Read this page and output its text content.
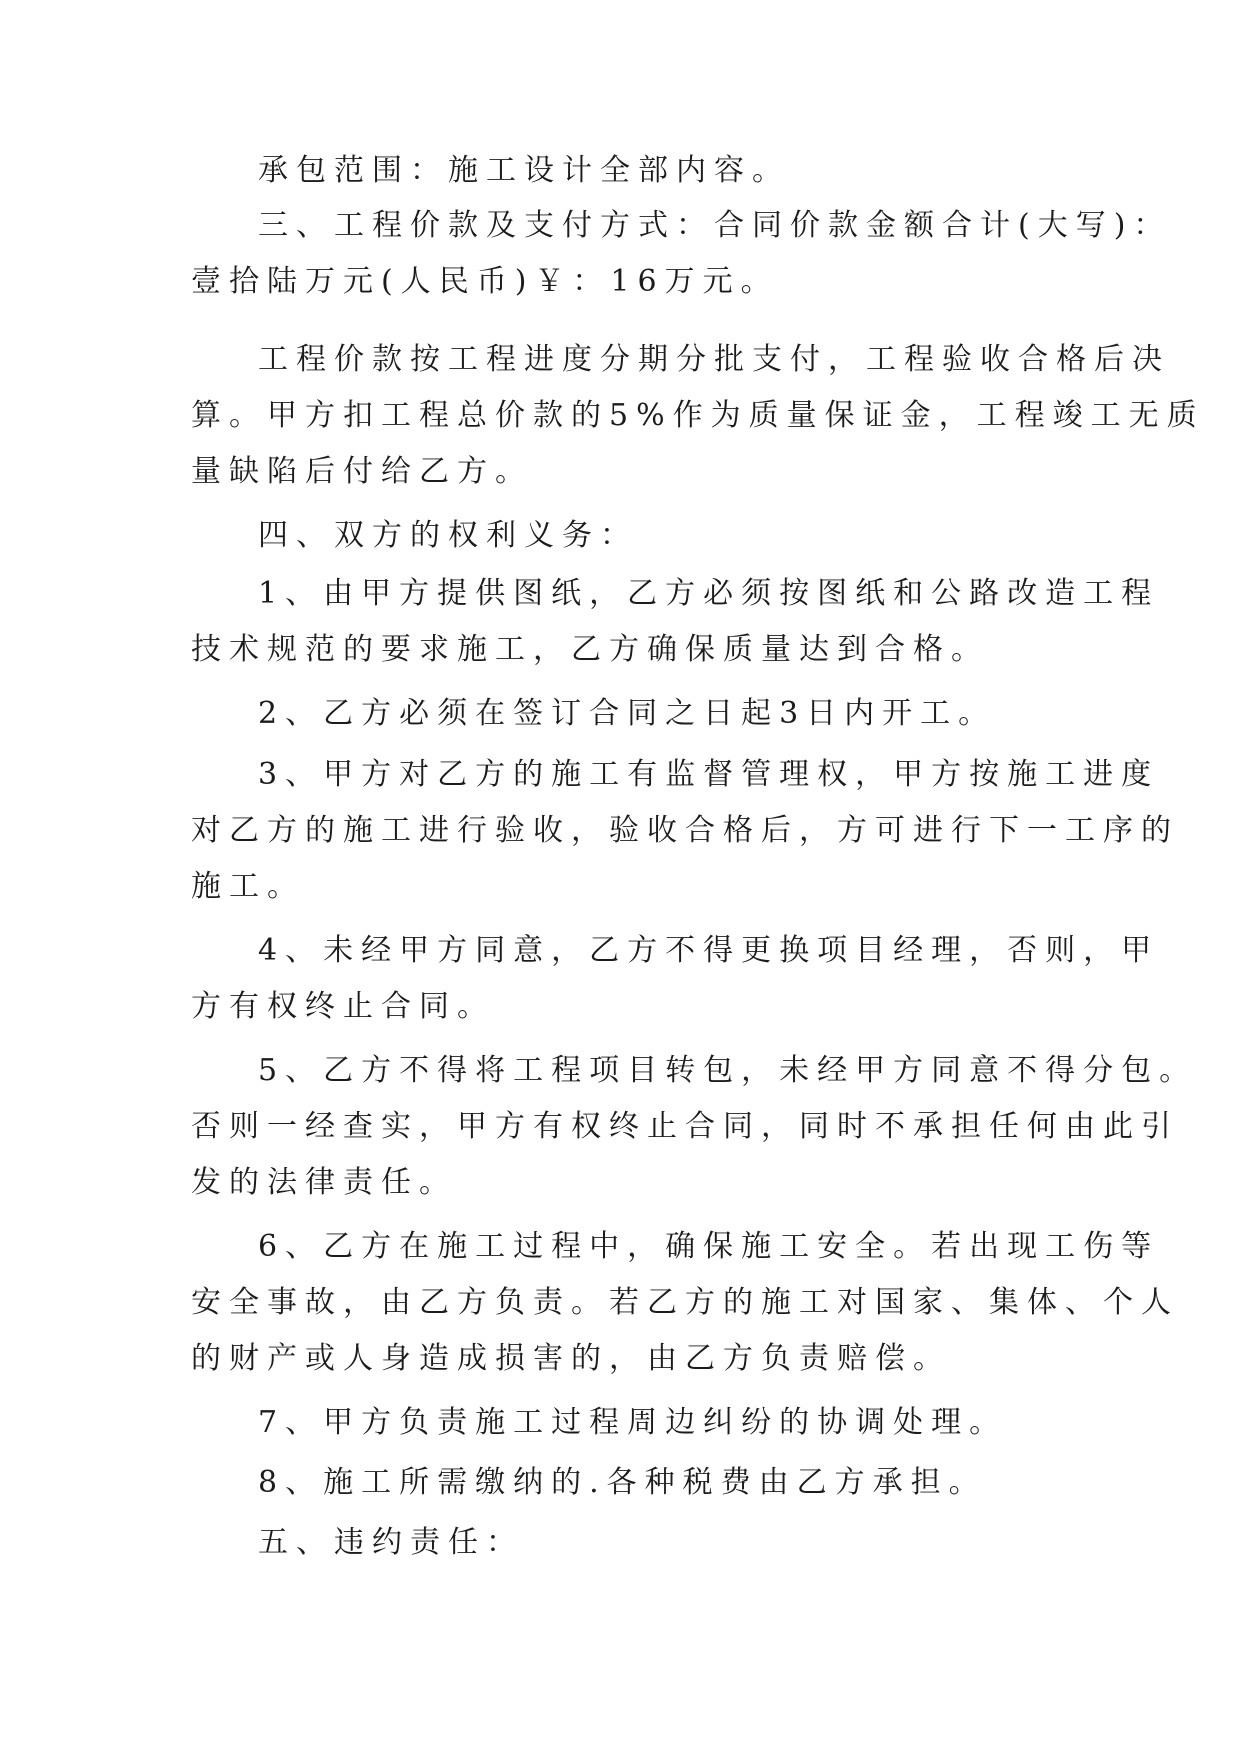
承包范围：施工设计全部内容。
三、工程价款及支付方式：合同价款金额合计(大写)：
壹拾陆万元(人民币)￥：16万元。
工程价款按工程进度分期分批支付，工程验收合格后决
算。甲方扣工程总价款的5%作为质量保证金，工程竣工无质
量缺陷后付给乙方。
四、双方的权利义务：
1、由甲方提供图纸，乙方必须按图纸和公路改造工程
技术规范的要求施工，乙方确保质量达到合格。
2、乙方必须在签订合同之日起3日内开工。
3、甲方对乙方的施工有监督管理权，甲方按施工进度
对乙方的施工进行验收，验收合格后，方可进行下一工序的
施工。
4、未经甲方同意，乙方不得更换项目经理，否则，甲
方有权终止合同。
5、乙方不得将工程项目转包，未经甲方同意不得分包。
否则一经查实，甲方有权终止合同，同时不承担任何由此引
发的法律责任。
6、乙方在施工过程中，确保施工安全。若出现工伤等
安全事故，由乙方负责。若乙方的施工对国家、集体、个人
的财产或人身造成损害的，由乙方负责赔偿。
7、甲方负责施工过程周边纠纷的协调处理。
8、施工所需缴纳的.各种税费由乙方承担。
五、违约责任：
